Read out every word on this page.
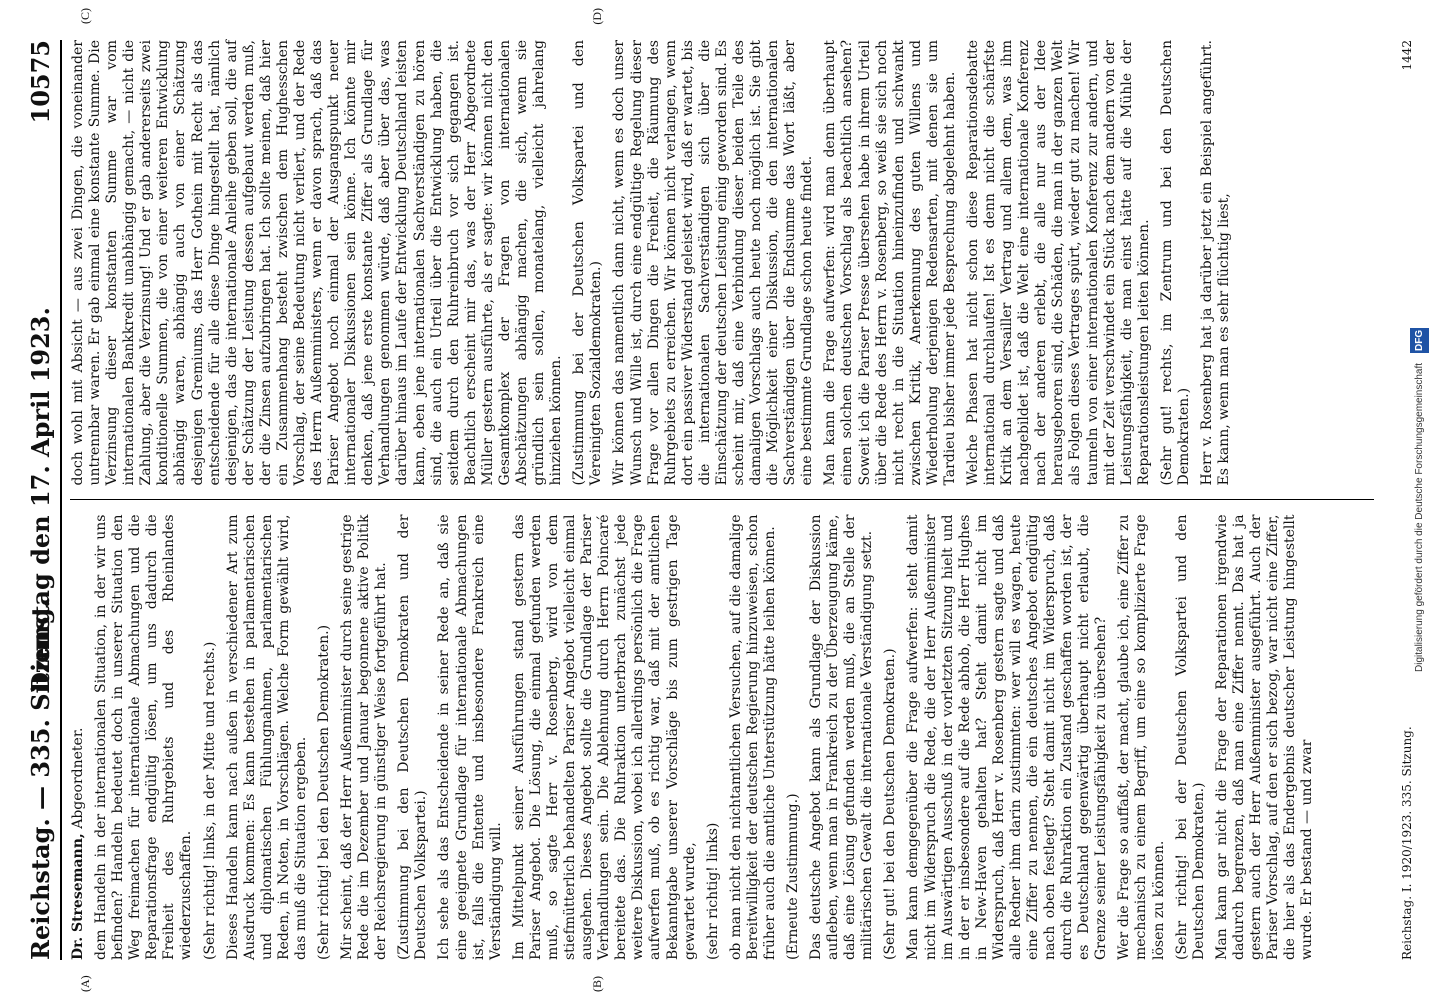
Reichstag. — 335. Sitzung.
Dienstag den 17. April 1923.
10575
(A)	(B)
Dr. Stresemann, Abgeordneter. dem Handeln in der internationalen Situation, in der wir uns befinden? Handeln bedeutet doch in unserer Situation den Weg freimachen für internationale Abmachungen und die Reparationsfrage endgültig lösen, um uns dadurch die Freiheit des Ruhrgebiets und des Rheinlandes wiederzuschaffen. (Sehr richtig! links, in der Mitte und rechts.) Dieses Handeln kann nach außen in verschiedener Art zum Ausdruck kommen: Es kann bestehen in parlamentarischen und diplomatischen Fühlungnahmen, parlamentarischen Reden, in Noten, in Vorschlägen. Welche Form gewählt wird, das muß die Situation ergeben. (Sehr richtig! bei den Deutschen Demokraten.) Mir scheint, daß der Herr Außenminister durch seine gestrige Rede die im Dezember und Januar begonnene aktive Politik der Reichsregierung in günstiger Weise fortgeführt hat. (Zustimmung bei den Deutschen Demokraten und der Deutschen Volkspartei.) Ich sehe als das Entscheidende in seiner Rede an, daß sie eine geeignete Grundlage für internationale Abmachungen ist, falls die Entente und insbesondere Frankreich eine Verständigung will. Im Mittelpunkt seiner Ausführungen stand gestern das Pariser Angebot. Die Lösung, die einmal gefunden werden muß, so sagte Herr v. Rosenberg, wird von dem stiefmütterlich behandelten Pariser Angebot vielleicht einmal ausgehen. Dieses Angebot sollte die Grundlage der Pariser Verhandlungen sein. Die Ablehnung durch Herrn Poincaré bereitete das. Die Ruhraktion unterbrach zunächst jede weitere Diskussion, wobei ich allerdings persönlich die Frage aufwerfen muß, ob es richtig war, daß mit der amtlichen Bekanntgabe unserer Vorschläge bis zum gestrigen Tage gewartet wurde, (sehr richtig! links) ob man nicht den nichtamtlichen Versuchen, auf die damalige Bereitwilligkeit der deutschen Regierung hinzuweisen, schon früher auch die amtliche Unterstützung hätte leihen können. (Erneute Zustimmung.) Das deutsche Angebot kann als Grundlage der Diskussion aufleben, wenn man in Frankreich zu der Überzeugung käme, daß eine Lösung gefunden werden muß, die an Stelle der militärischen Gewalt die internationale Verständigung setzt. (Sehr gut! bei den Deutschen Demokraten.) Man kann demgegenüber die Frage aufwerfen: steht damit nicht im Widerspruch die Rede, die der Herr Außenminister im Auswärtigen Ausschuß in der vorletzten Sitzung hielt und in der er insbesondere auf die Rede abhob, die Herr Hughes in New-Haven gehalten hat? Steht damit nicht im Widerspruch, daß Herr v. Rosenberg gestern sagte und daß alle Redner ihm darin zustimmten: wer will es wagen, heute eine Ziffer zu nennen, die ein deutsches Angebot endgültig nach oben festlegt? Steht damit nicht im Widerspruch, daß durch die Ruhraktion ein Zustand geschaffen worden ist, der es Deutschland gegenwärtig überhaupt nicht erlaubt, die Grenze seiner Leistungsfähigkeit zu übersehen? Wer die Frage so auffaßt, der macht, glaube ich, eine Ziffer zu mechanisch zu einem Begriff, um eine so komplizierte Frage lösen zu können. (Sehr richtig! bei der Deutschen Volkspartei und den Deutschen Demokraten.) Man kann gar nicht die Frage der Reparationen irgendwie dadurch begrenzen, daß man eine Ziffer nennt. Das hat ja gestern auch der Herr Außenminister ausgeführt. Auch der Pariser Vorschlag, auf den er sich bezog, war nicht eine Ziffer, die hier als das Endergebnis deutscher Leistung hingestellt wurde. Er bestand — und zwar

(C)	(D)

doch wohl mit Absicht — aus zwei Dingen, die voneinander untrennbar waren. Er gab einmal eine konstante Summe. Die Verzinsung dieser konstanten Summe war vom internationalen Bankkredit unabhängig gemacht, — nicht die Zahlung, aber die Verzinsung! Und er gab andererseits zwei konditionelle Summen, die von einer weiteren Entwicklung abhängig waren, abhängig auch von einer Schätzung desjenigen Gremiums, das Herr Gothein mit Recht als das entscheidende für alle diese Dinge hingestellt hat, nämlich desjenigen, das die internationale Anleihe geben soll, die auf der Schätzung der Leistung dessen aufgebaut werden muß, der die Zinsen aufzubringen hat. Ich sollte meinen, daß hier ein Zusammenhang besteht zwischen dem Hughesschen Vorschlag, der seine Bedeutung nicht verliert, und der Rede des Herrn Außenministers, wenn er davon sprach, daß das Pariser Angebot noch einmal der Ausgangspunkt neuer internationaler Diskussionen sein könne. Ich könnte mir denken, daß jene erste konstante Ziffer als Grundlage für Verhandlungen genommen würde, daß aber über das, was darüber hinaus im Laufe der Entwicklung Deutschland leisten kann, eben jene internationalen Sachverständigen zu hören sind, die auch ein Urteil über die Entwicklung haben, die seitdem durch den Ruhreinbruch vor sich gegangen ist. Beachtlich erscheint mir das, was der Herr Abgeordnete Müller gestern ausführte, als er sagte: wir können nicht den Gesamtkomplex der Fragen von internationalen Abschätzungen abhängig machen, die sich, wenn sie gründlich sein sollen, monatelang, vielleicht jahrelang hinziehen können. (Zustimmung bei der Deutschen Volkspartei und den Vereinigten Sozialdemokraten.) Wir können das namentlich dann nicht, wenn es doch unser Wunsch und Wille ist, durch eine endgültige Regelung dieser Frage vor allen Dingen die Freiheit, die Räumung des Ruhrgebiets zu erreichen. Wir können nicht verlangen, wenn dort ein passiver Widerstand geleistet wird, daß er wartet, bis die internationalen Sachverständigen sich über die Einschätzung der deutschen Leistung einig geworden sind. Es scheint mir, daß eine Verbindung dieser beiden Teile des damaligen Vorschlags auch heute noch möglich ist. Sie gibt die Möglichkeit einer Diskussion, die den internationalen Sachverständigen über die Endsumme das Wort läßt, aber eine bestimmte Grundlage schon heute findet. Man kann die Frage aufwerfen: wird man denn überhaupt einen solchen deutschen Vorschlag als beachtlich ansehen? Soweit ich die Pariser Presse übersehen habe in ihrem Urteil über die Rede des Herrn v. Rosenberg, so weiß sie sich noch nicht recht in die Situation hineinzufinden und schwankt zwischen Kritik, Anerkennung des guten Willens und Wiederholung derjenigen Redensarten, mit denen sie um Tardieu bisher immer jede Besprechung abgelehnt haben. Welche Phasen hat nicht schon diese Reparationsdebatte international durchlaufen! Ist es denn nicht die schärfste Kritik an dem Versailler Vertrag und allem dem, was ihm nachgebildet ist, daß die Welt eine internationale Konferenz nach der anderen erlebt, die alle nur aus der Idee herausgeboren sind, die Schäden, die man in der ganzen Welt als Folgen dieses Vertrages spürt, wieder gut zu machen! Wir taumeln von einer internationalen Konferenz zur andern, und mit der Zeit verschwindet ein Stück nach dem andern von der Leistungsfähigkeit, die man einst hätte auf die Mühle der Reparationsleistungen leiten können. (Sehr gut! rechts, im Zentrum und bei den Deutschen Demokraten.) Herr v. Rosenberg hat ja darüber jetzt ein Beispiel angeführt. Es kann, wenn man es sehr flüchtig liest,

Reichstag. I. 1920/1923. 335. Sitzung.
1442
Digitalisierung gefördert durch die Deutsche Forschungsgemeinschaft DFG
